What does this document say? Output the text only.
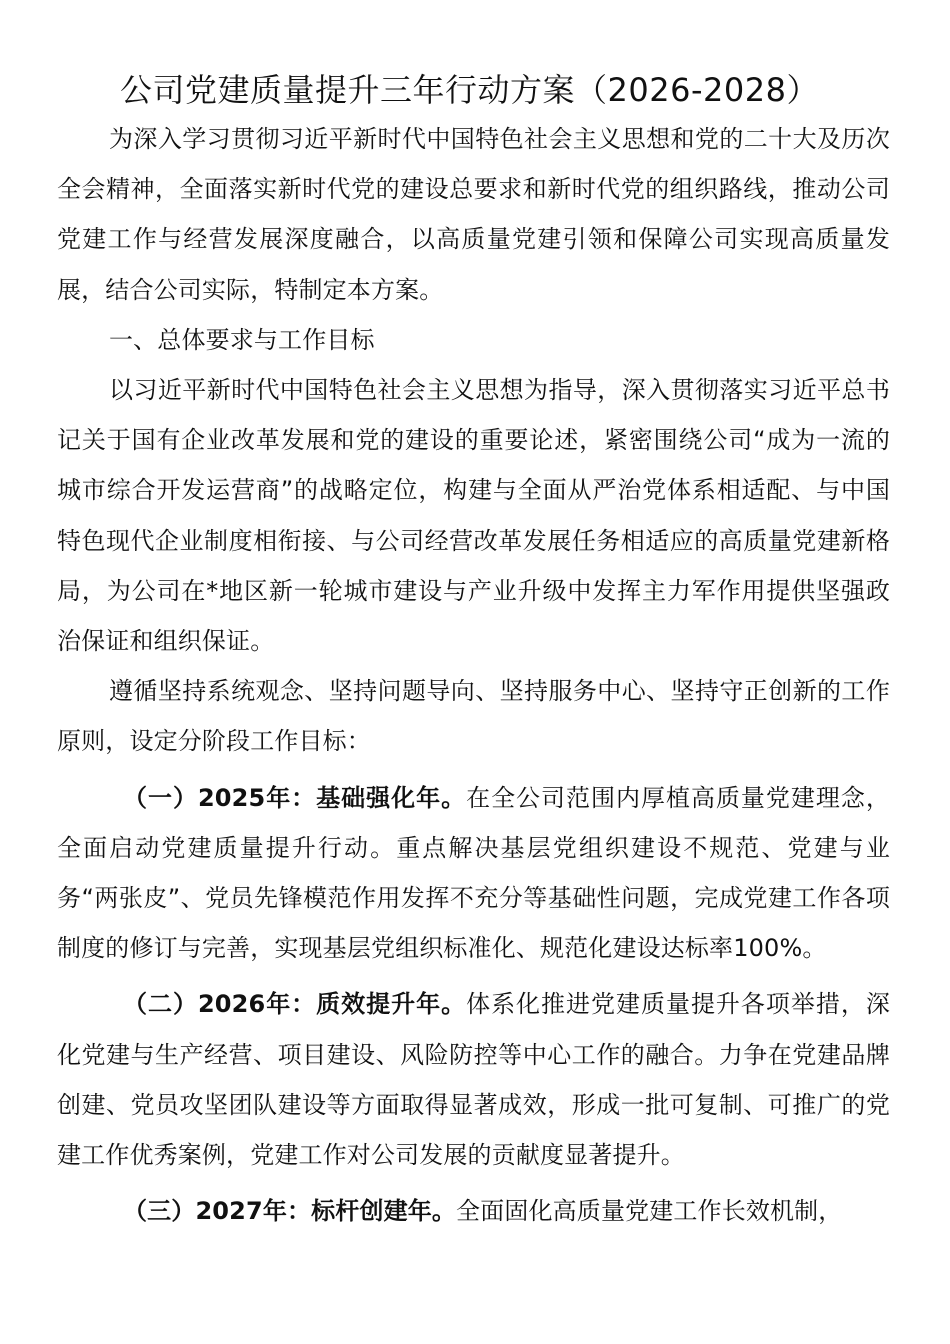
公司党建质量提升三年行动方案（2026-2028）

为深入学习贯彻习近平新时代中国特色社会主义思想和党的二十大及历次全会精神，全面落实新时代党的建设总要求和新时代党的组织路线，推动公司党建工作与经营发展深度融合，以高质量党建引领和保障公司实现高质量发展，结合公司实际，特制定本方案。

一、总体要求与工作目标

以习近平新时代中国特色社会主义思想为指导，深入贯彻落实习近平总书记关于国有企业改革发展和党的建设的重要论述，紧密围绕公司“成为一流的城市综合开发运营商”的战略定位，构建与全面从严治党体系相适配、与中国特色现代企业制度相衔接、与公司经营改革发展任务相适应的高质量党建新格局，为公司在*地区新一轮城市建设与产业升级中发挥主力军作用提供坚强政治保证和组织保证。

遵循坚持系统观念、坚持问题导向、坚持服务中心、坚持守正创新的工作原则，设定分阶段工作目标：

（一）2025年：基础强化年。在全公司范围内厚植高质量党建理念，全面启动党建质量提升行动。重点解决基层党组织建设不规范、党建与业务“两张皮”、党员先锋模范作用发挥不充分等基础性问题，完成党建工作各项制度的修订与完善，实现基层党组织标准化、规范化建设达标率100%。

（二）2026年：质效提升年。体系化推进党建质量提升各项举措，深化党建与生产经营、项目建设、风险防控等中心工作的融合。力争在党建品牌创建、党员攻坚团队建设等方面取得显著成效，形成一批可复制、可推广的党建工作优秀案例，党建工作对公司发展的贡献度显著提升。

（三）2027年：标杆创建年。全面固化高质量党建工作长效机制，
